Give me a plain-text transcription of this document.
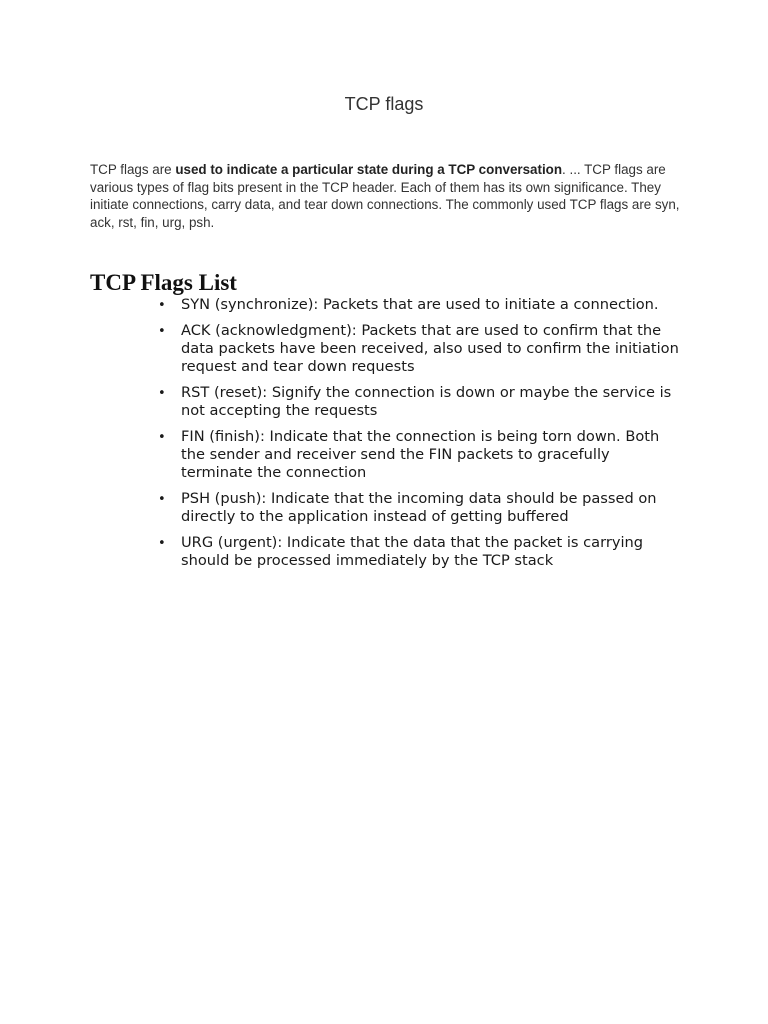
TCP flags

TCP flags are used to indicate a particular state during a TCP conversation. ... TCP flags are various types of flag bits present in the TCP header. Each of them has its own significance. They initiate connections, carry data, and tear down connections. The commonly used TCP flags are syn, ack, rst, fin, urg, psh.

TCP Flags List
• SYN (synchronize): Packets that are used to initiate a connection.
• ACK (acknowledgment): Packets that are used to confirm that the data packets have been received, also used to confirm the initiation request and tear down requests
• RST (reset): Signify the connection is down or maybe the service is not accepting the requests
• FIN (finish): Indicate that the connection is being torn down. Both the sender and receiver send the FIN packets to gracefully terminate the connection
• PSH (push): Indicate that the incoming data should be passed on directly to the application instead of getting buffered
• URG (urgent): Indicate that the data that the packet is carrying should be processed immediately by the TCP stack
